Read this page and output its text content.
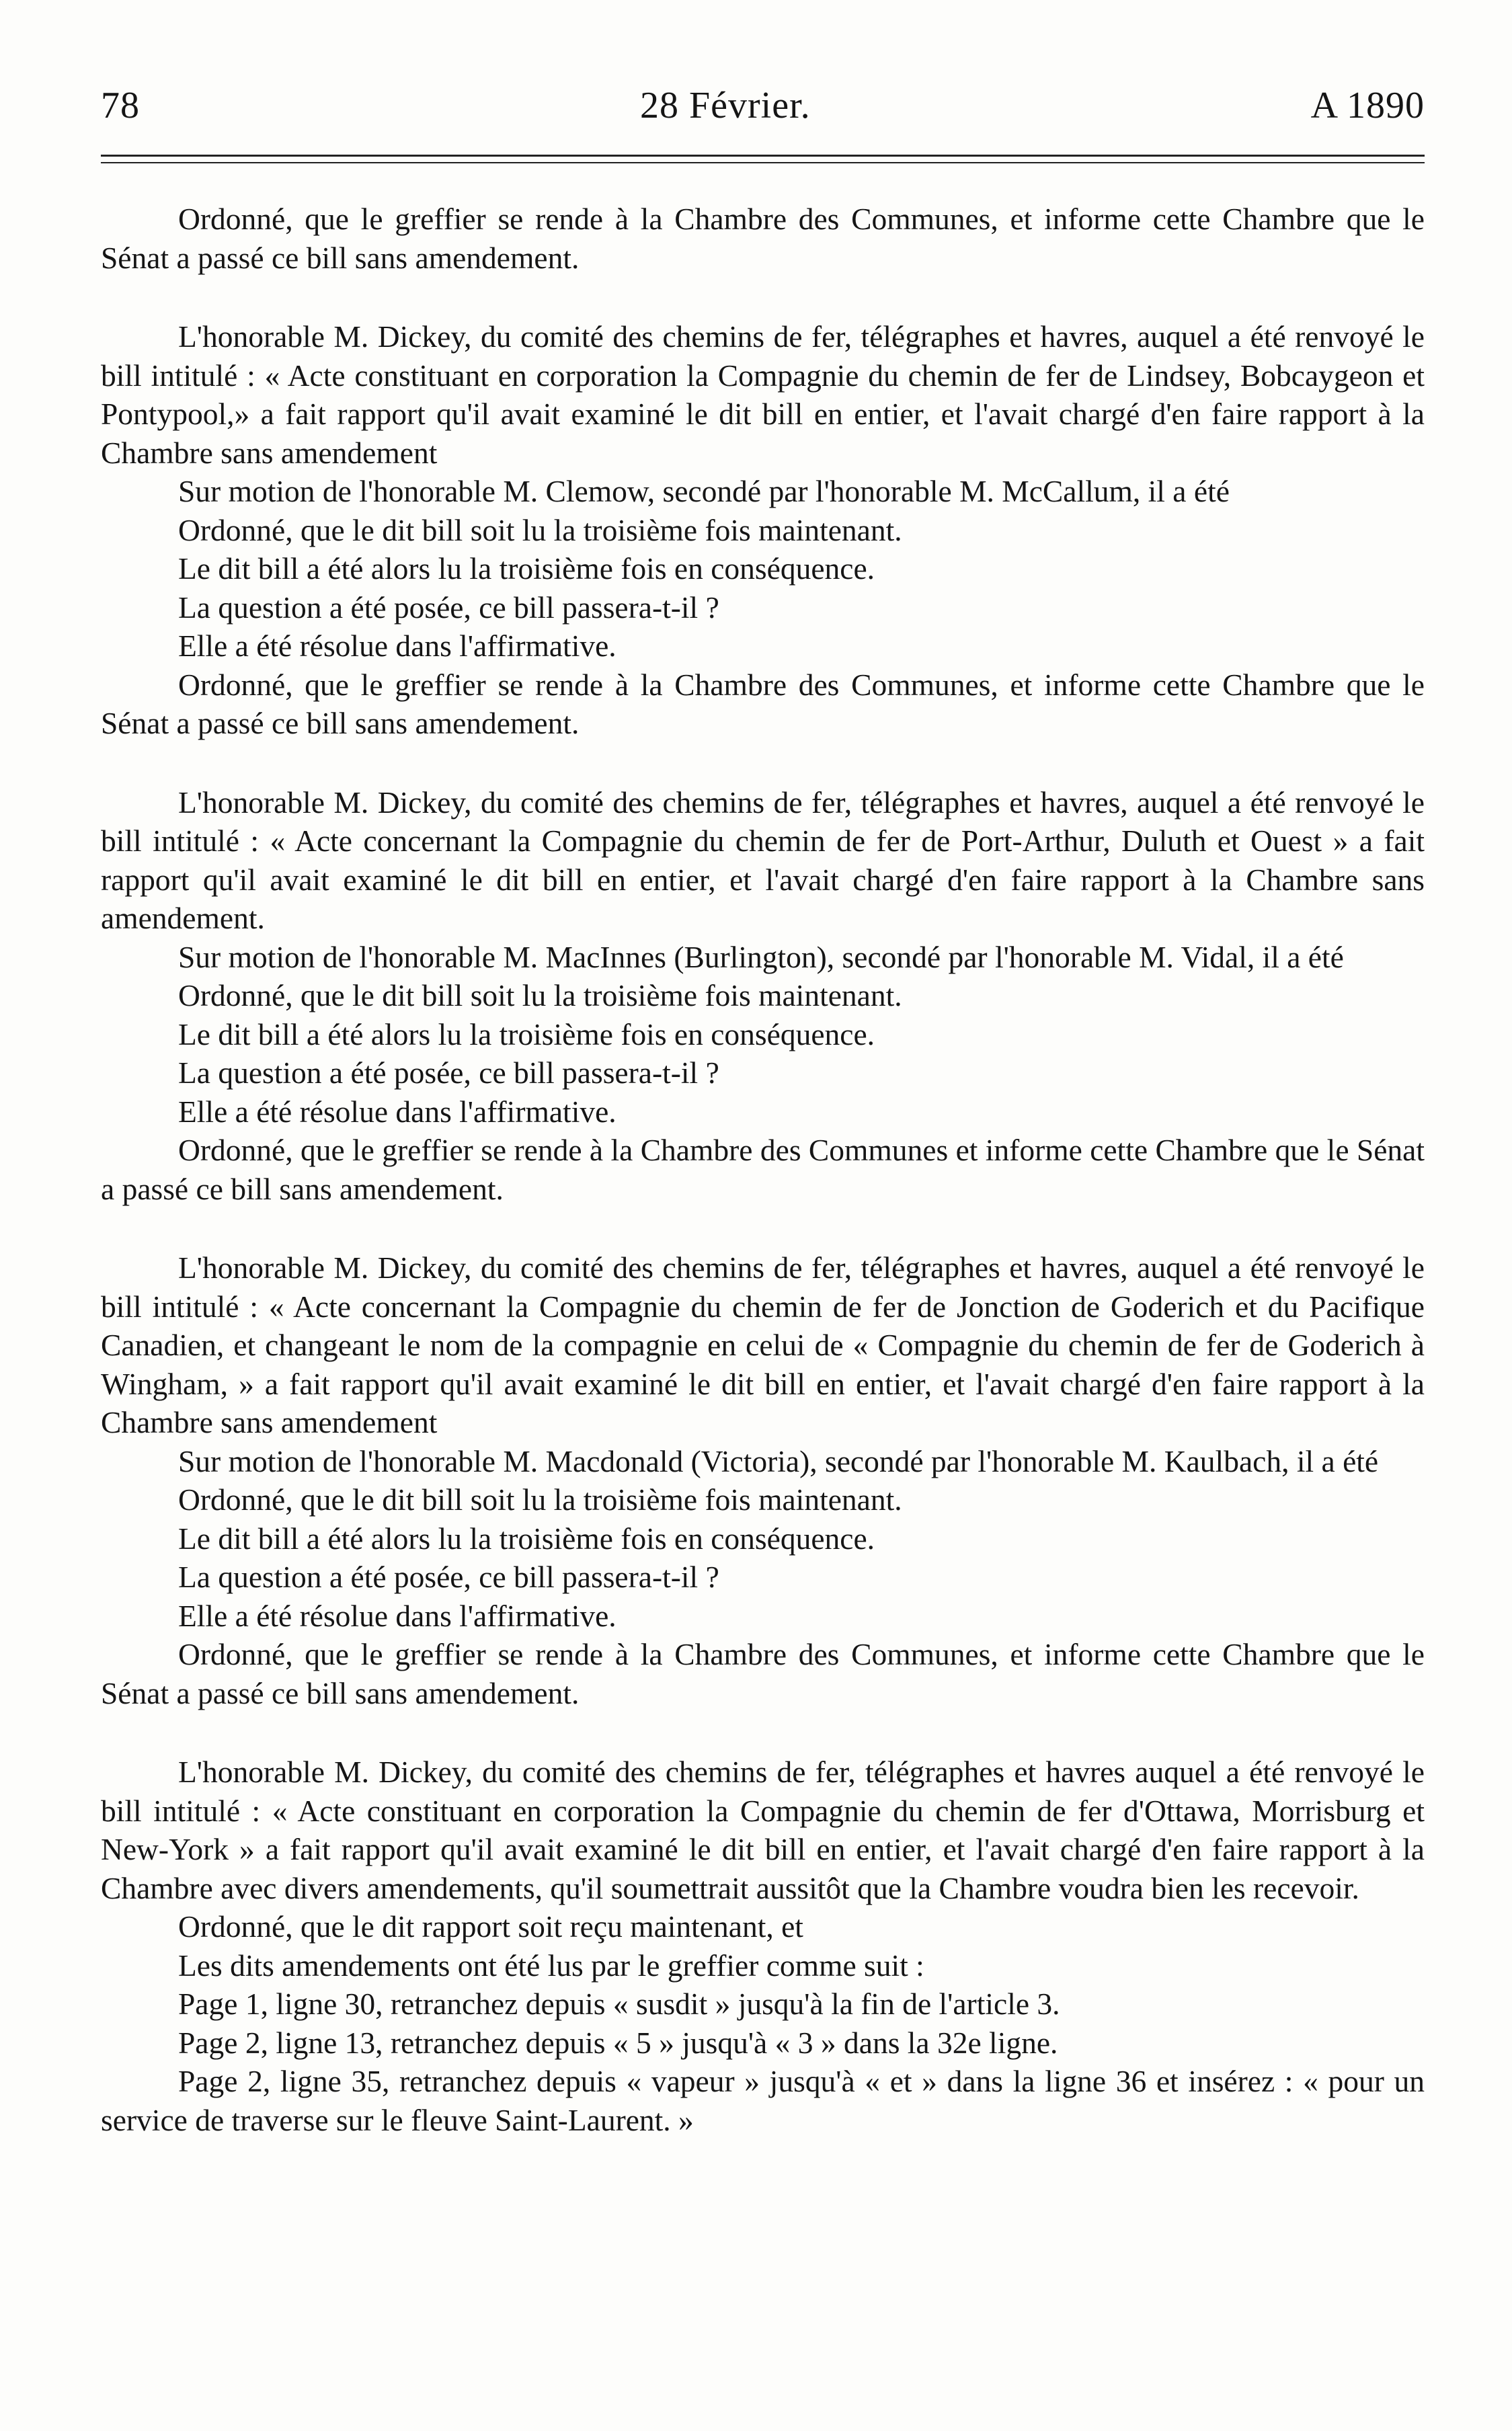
78	28 Février.	A 1890

Ordonné, que le greffier se rende à la Chambre des Communes, et informe cette Chambre que le Sénat a passé ce bill sans amendement.

L'honorable M. Dickey, du comité des chemins de fer, télégraphes et havres, auquel a été renvoyé le bill intitulé : « Acte constituant en corporation la Compagnie du chemin de fer de Lindsey, Bobcaygeon et Pontypool,» a fait rapport qu'il avait examiné le dit bill en entier, et l'avait chargé d'en faire rapport à la Chambre sans amendement

Sur motion de l'honorable M. Clemow, secondé par l'honorable M. McCallum, il a été

Ordonné, que le dit bill soit lu la troisième fois maintenant.

Le dit bill a été alors lu la troisième fois en conséquence.

La question a été posée, ce bill passera-t-il ?

Elle a été résolue dans l'affirmative.

Ordonné, que le greffier se rende à la Chambre des Communes, et informe cette Chambre que le Sénat a passé ce bill sans amendement.

L'honorable M. Dickey, du comité des chemins de fer, télégraphes et havres, auquel a été renvoyé le bill intitulé : « Acte concernant la Compagnie du chemin de fer de Port-Arthur, Duluth et Ouest » a fait rapport qu'il avait examiné le dit bill en entier, et l'avait chargé d'en faire rapport à la Chambre sans amendement.

Sur motion de l'honorable M. MacInnes (Burlington), secondé par l'honorable M. Vidal, il a été

Ordonné, que le dit bill soit lu la troisième fois maintenant.

Le dit bill a été alors lu la troisième fois en conséquence.

La question a été posée, ce bill passera-t-il ?

Elle a été résolue dans l'affirmative.

Ordonné, que le greffier se rende à la Chambre des Communes et informe cette Chambre que le Sénat a passé ce bill sans amendement.

L'honorable M. Dickey, du comité des chemins de fer, télégraphes et havres, auquel a été renvoyé le bill intitulé : « Acte concernant la Compagnie du chemin de fer de Jonction de Goderich et du Pacifique Canadien, et changeant le nom de la compagnie en celui de « Compagnie du chemin de fer de Goderich à Wingham, » a fait rapport qu'il avait examiné le dit bill en entier, et l'avait chargé d'en faire rapport à la Chambre sans amendement

Sur motion de l'honorable M. Macdonald (Victoria), secondé par l'honorable M. Kaulbach, il a été

Ordonné, que le dit bill soit lu la troisième fois maintenant.

Le dit bill a été alors lu la troisième fois en conséquence.

La question a été posée, ce bill passera-t-il ?

Elle a été résolue dans l'affirmative.

Ordonné, que le greffier se rende à la Chambre des Communes, et informe cette Chambre que le Sénat a passé ce bill sans amendement.

L'honorable M. Dickey, du comité des chemins de fer, télégraphes et havres auquel a été renvoyé le bill intitulé : « Acte constituant en corporation la Compagnie du chemin de fer d'Ottawa, Morrisburg et New-York » a fait rapport qu'il avait examiné le dit bill en entier, et l'avait chargé d'en faire rapport à la Chambre avec divers amendements, qu'il soumettrait aussitôt que la Chambre voudra bien les recevoir.

Ordonné, que le dit rapport soit reçu maintenant, et

Les dits amendements ont été lus par le greffier comme suit :

Page 1, ligne 30, retranchez depuis « susdit » jusqu'à la fin de l'article 3.

Page 2, ligne 13, retranchez depuis « 5 » jusqu'à « 3 » dans la 32e ligne.

Page 2, ligne 35, retranchez depuis « vapeur » jusqu'à « et » dans la ligne 36 et insérez : « pour un service de traverse sur le fleuve Saint-Laurent. »
